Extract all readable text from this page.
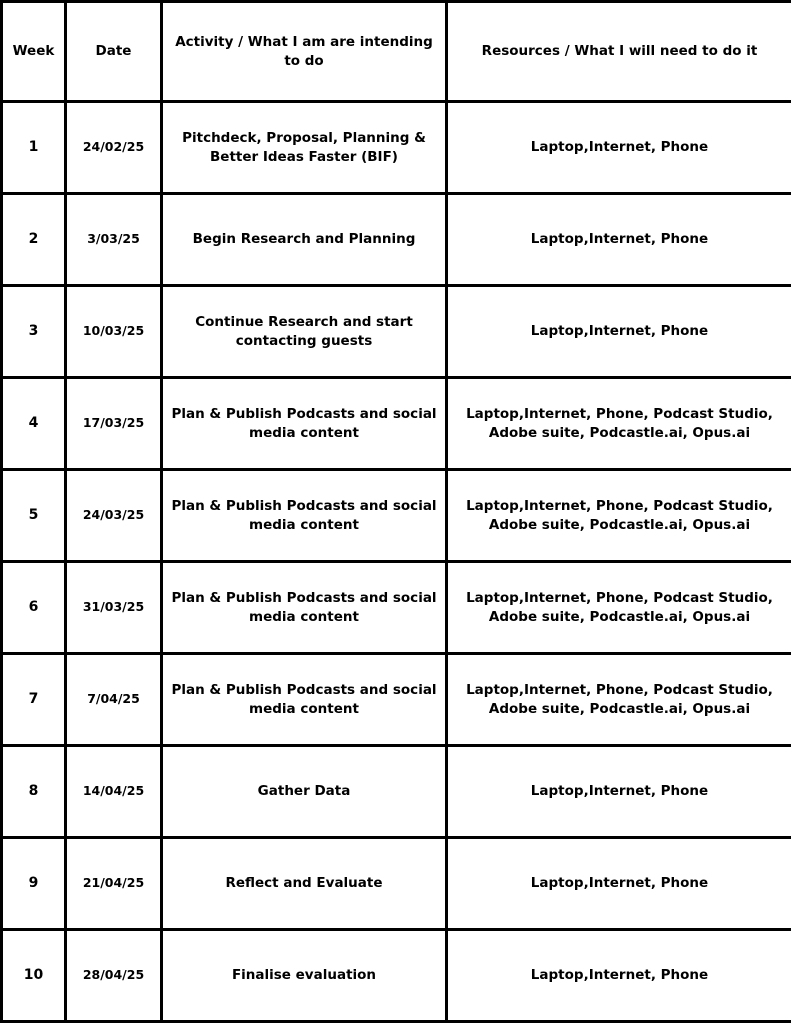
Week	Date	Activity / What I am are intending to do	Resources / What I will need to do it
1	24/02/25	Pitchdeck, Proposal, Planning & Better Ideas Faster (BIF)	Laptop,Internet, Phone
2	3/03/25	Begin Research and Planning	Laptop,Internet, Phone
3	10/03/25	Continue Research and start contacting guests	Laptop,Internet, Phone
4	17/03/25	Plan & Publish Podcasts and social media content	Laptop,Internet, Phone, Podcast Studio, Adobe suite, Podcastle.ai, Opus.ai
5	24/03/25	Plan & Publish Podcasts and social media content	Laptop,Internet, Phone, Podcast Studio, Adobe suite, Podcastle.ai, Opus.ai
6	31/03/25	Plan & Publish Podcasts and social media content	Laptop,Internet, Phone, Podcast Studio, Adobe suite, Podcastle.ai, Opus.ai
7	7/04/25	Plan & Publish Podcasts and social media content	Laptop,Internet, Phone, Podcast Studio, Adobe suite, Podcastle.ai, Opus.ai
8	14/04/25	Gather Data	Laptop,Internet, Phone
9	21/04/25	Reflect and Evaluate	Laptop,Internet, Phone
10	28/04/25	Finalise evaluation	Laptop,Internet, Phone
